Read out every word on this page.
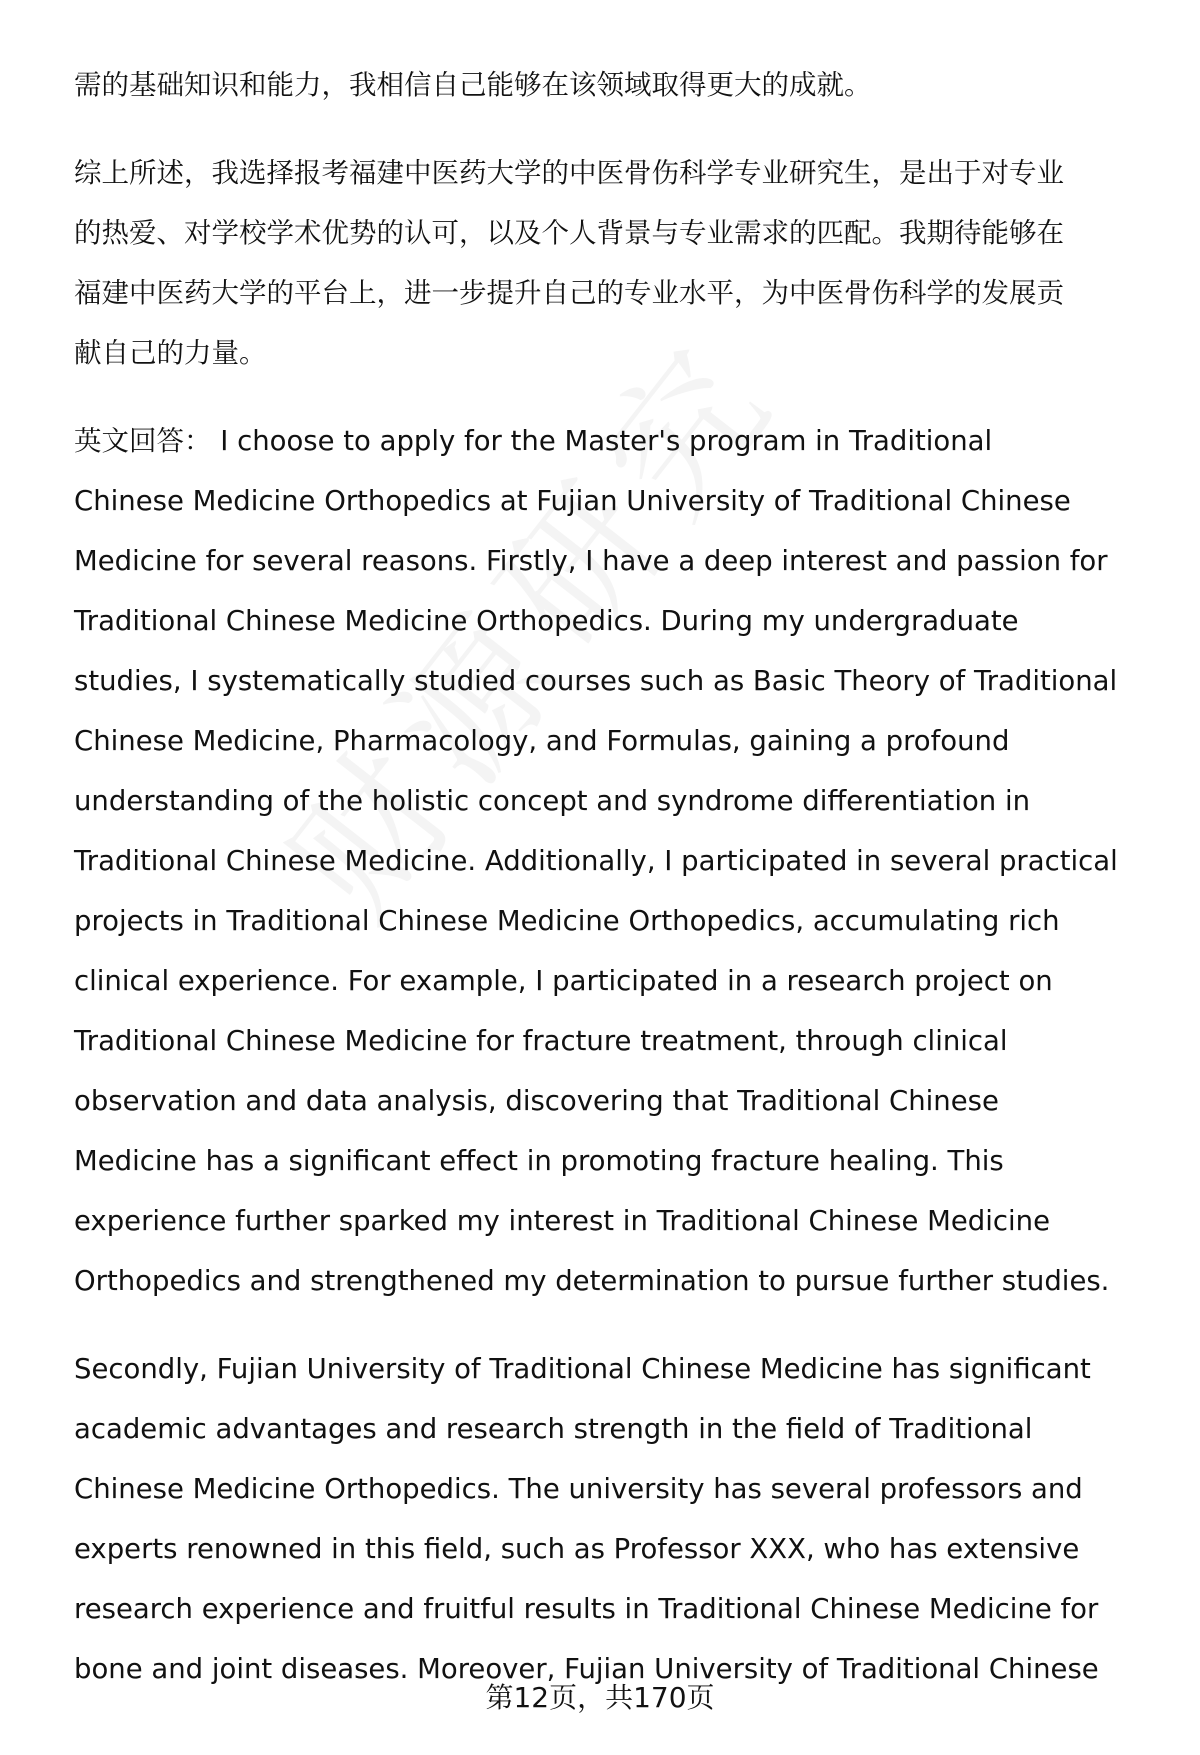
需的基础知识和能力，我相信自己能够在该领域取得更大的成就。

综上所述，我选择报考福建中医药大学的中医骨伤科学专业研究生，是出于对专业
的热爱、对学校学术优势的认可，以及个人背景与专业需求的匹配。我期待能够在
福建中医药大学的平台上，进一步提升自己的专业水平，为中医骨伤科学的发展贡
献自己的力量。

英文回答： I choose to apply for the Master's program in Traditional
Chinese Medicine Orthopedics at Fujian University of Traditional Chinese
Medicine for several reasons. Firstly, I have a deep interest and passion for
Traditional Chinese Medicine Orthopedics. During my undergraduate
studies, I systematically studied courses such as Basic Theory of Traditional
Chinese Medicine, Pharmacology, and Formulas, gaining a profound
understanding of the holistic concept and syndrome differentiation in
Traditional Chinese Medicine. Additionally, I participated in several practical
projects in Traditional Chinese Medicine Orthopedics, accumulating rich
clinical experience. For example, I participated in a research project on
Traditional Chinese Medicine for fracture treatment, through clinical
observation and data analysis, discovering that Traditional Chinese
Medicine has a significant effect in promoting fracture healing. This
experience further sparked my interest in Traditional Chinese Medicine
Orthopedics and strengthened my determination to pursue further studies.

Secondly, Fujian University of Traditional Chinese Medicine has significant
academic advantages and research strength in the field of Traditional
Chinese Medicine Orthopedics. The university has several professors and
experts renowned in this field, such as Professor XXX, who has extensive
research experience and fruitful results in Traditional Chinese Medicine for
bone and joint diseases. Moreover, Fujian University of Traditional Chinese

第12页，共170页
